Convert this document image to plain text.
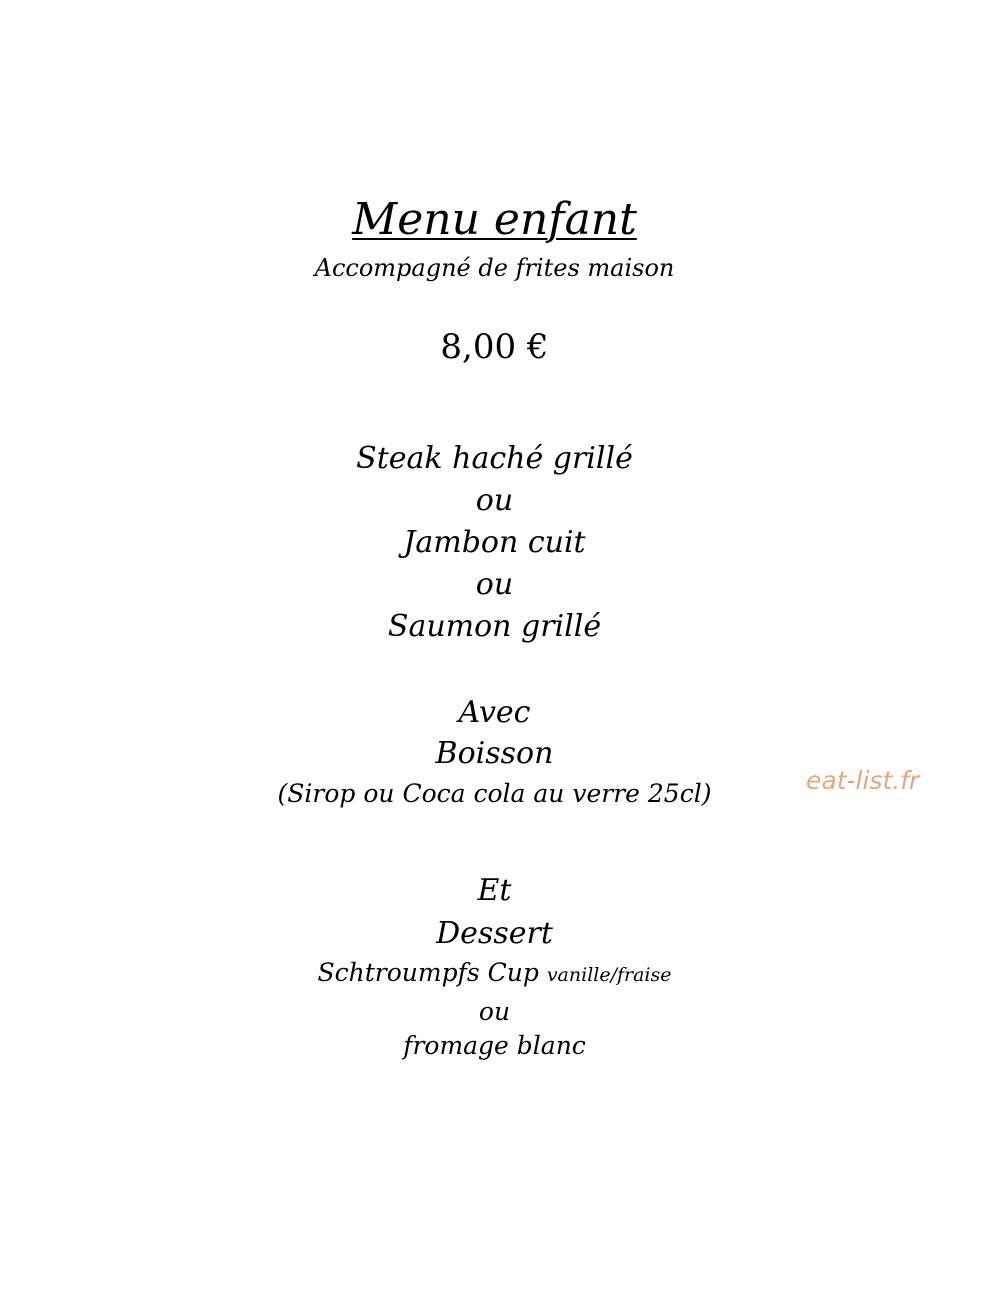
Menu enfant
Accompagné de frites maison
8,00 €
Steak haché grillé
ou
Jambon cuit
ou
Saumon grillé
Avec
Boisson
(Sirop ou Coca cola au verre 25cl)
Et
Dessert
Schtroumpfs Cup vanille/fraise
ou
fromage blanc
eat-list.fr
